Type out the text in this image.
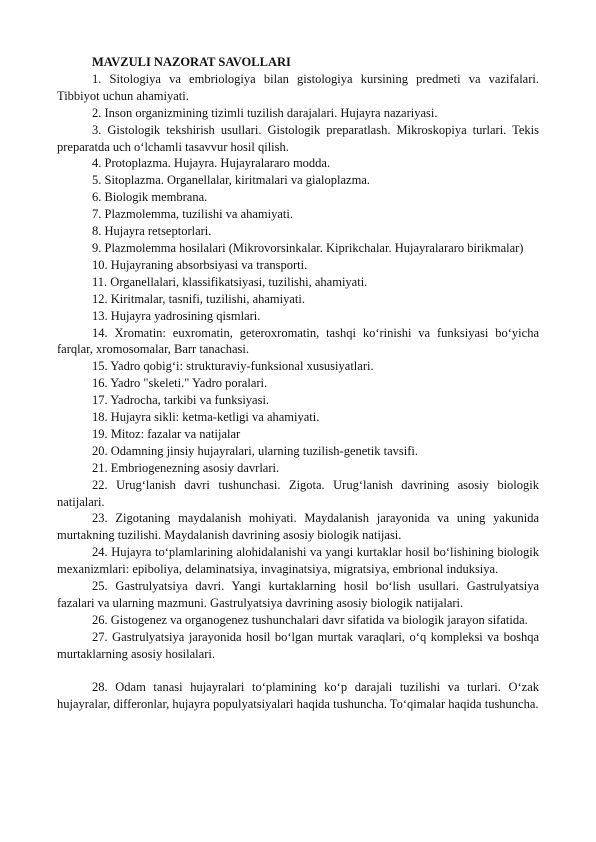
MAVZULI NAZORAT SAVOLLARI

1. Sitologiya va embriologiya bilan gistologiya kursining predmeti va vazifalari. Tibbiyot uchun ahamiyati.

2. Inson organizmining tizimli tuzilish darajalari. Hujayra nazariyasi.

3. Gistologik tekshirish usullari. Gistologik preparatlash. Mikroskopiya turlari. Tekis preparatda uch o‘lchamli tasavvur hosil qilish.

4. Protoplazma. Hujayra. Hujayralararo modda.

5. Sitoplazma. Organellalar, kiritmalari va gialoplazma.

6. Biologik membrana.

7. Plazmolemma, tuzilishi va ahamiyati.

8. Hujayra retseptorlari.

9. Plazmolemma hosilalari (Mikrovorsinkalar. Kiprikchalar. Hujayralararo birikmalar)

10. Hujayraning absorbsiyasi va transporti.

11. Organellalari, klassifikatsiyasi, tuzilishi, ahamiyati.

12. Kiritmalar, tasnifi, tuzilishi, ahamiyati.

13. Hujayra yadrosining qismlari.

14. Xromatin: euxromatin, geteroxromatin, tashqi ko‘rinishi va funksiyasi bo‘yicha farqlar, xromosomalar, Barr tanachasi.

15. Yadro qobig‘i: strukturaviy-funksional xususiyatlari.

16. Yadro "skeleti." Yadro poralari.

17. Yadrocha, tarkibi va funksiyasi.

18. Hujayra sikli: ketma-ketligi va ahamiyati.

19. Mitoz: fazalar va natijalar

20. Odamning jinsiy hujayralari, ularning tuzilish-genetik tavsifi.

21. Embriogenezning asosiy davrlari.

22. Urug‘lanish davri tushunchasi. Zigota. Urug‘lanish davrining asosiy biologik natijalari.

23. Zigotaning maydalanish mohiyati. Maydalanish jarayonida va uning yakunida murtakning tuzilishi. Maydalanish davrining asosiy biologik natijasi.

24. Hujayra to‘plamlarining alohidalanishi va yangi kurtaklar hosil bo‘lishining biologik mexanizmlari: epiboliya, delaminatsiya, invaginatsiya, migratsiya, embrional induksiya.

25. Gastrulyatsiya davri. Yangi kurtaklarning hosil bo‘lish usullari. Gastrulyatsiya fazalari va ularning mazmuni. Gastrulyatsiya davrining asosiy biologik natijalari.

26. Gistogenez va organogenez tushunchalari davr sifatida va biologik jarayon sifatida.

27. Gastrulyatsiya jarayonida hosil bo‘lgan murtak varaqlari, o‘q kompleksi va boshqa murtaklarning asosiy hosilalari.

28. Odam tanasi hujayralari to‘plamining ko‘p darajali tuzilishi va turlari. O‘zak hujayralar, differonlar, hujayra populyatsiyalari haqida tushuncha. To‘qimalar haqida tushuncha.
